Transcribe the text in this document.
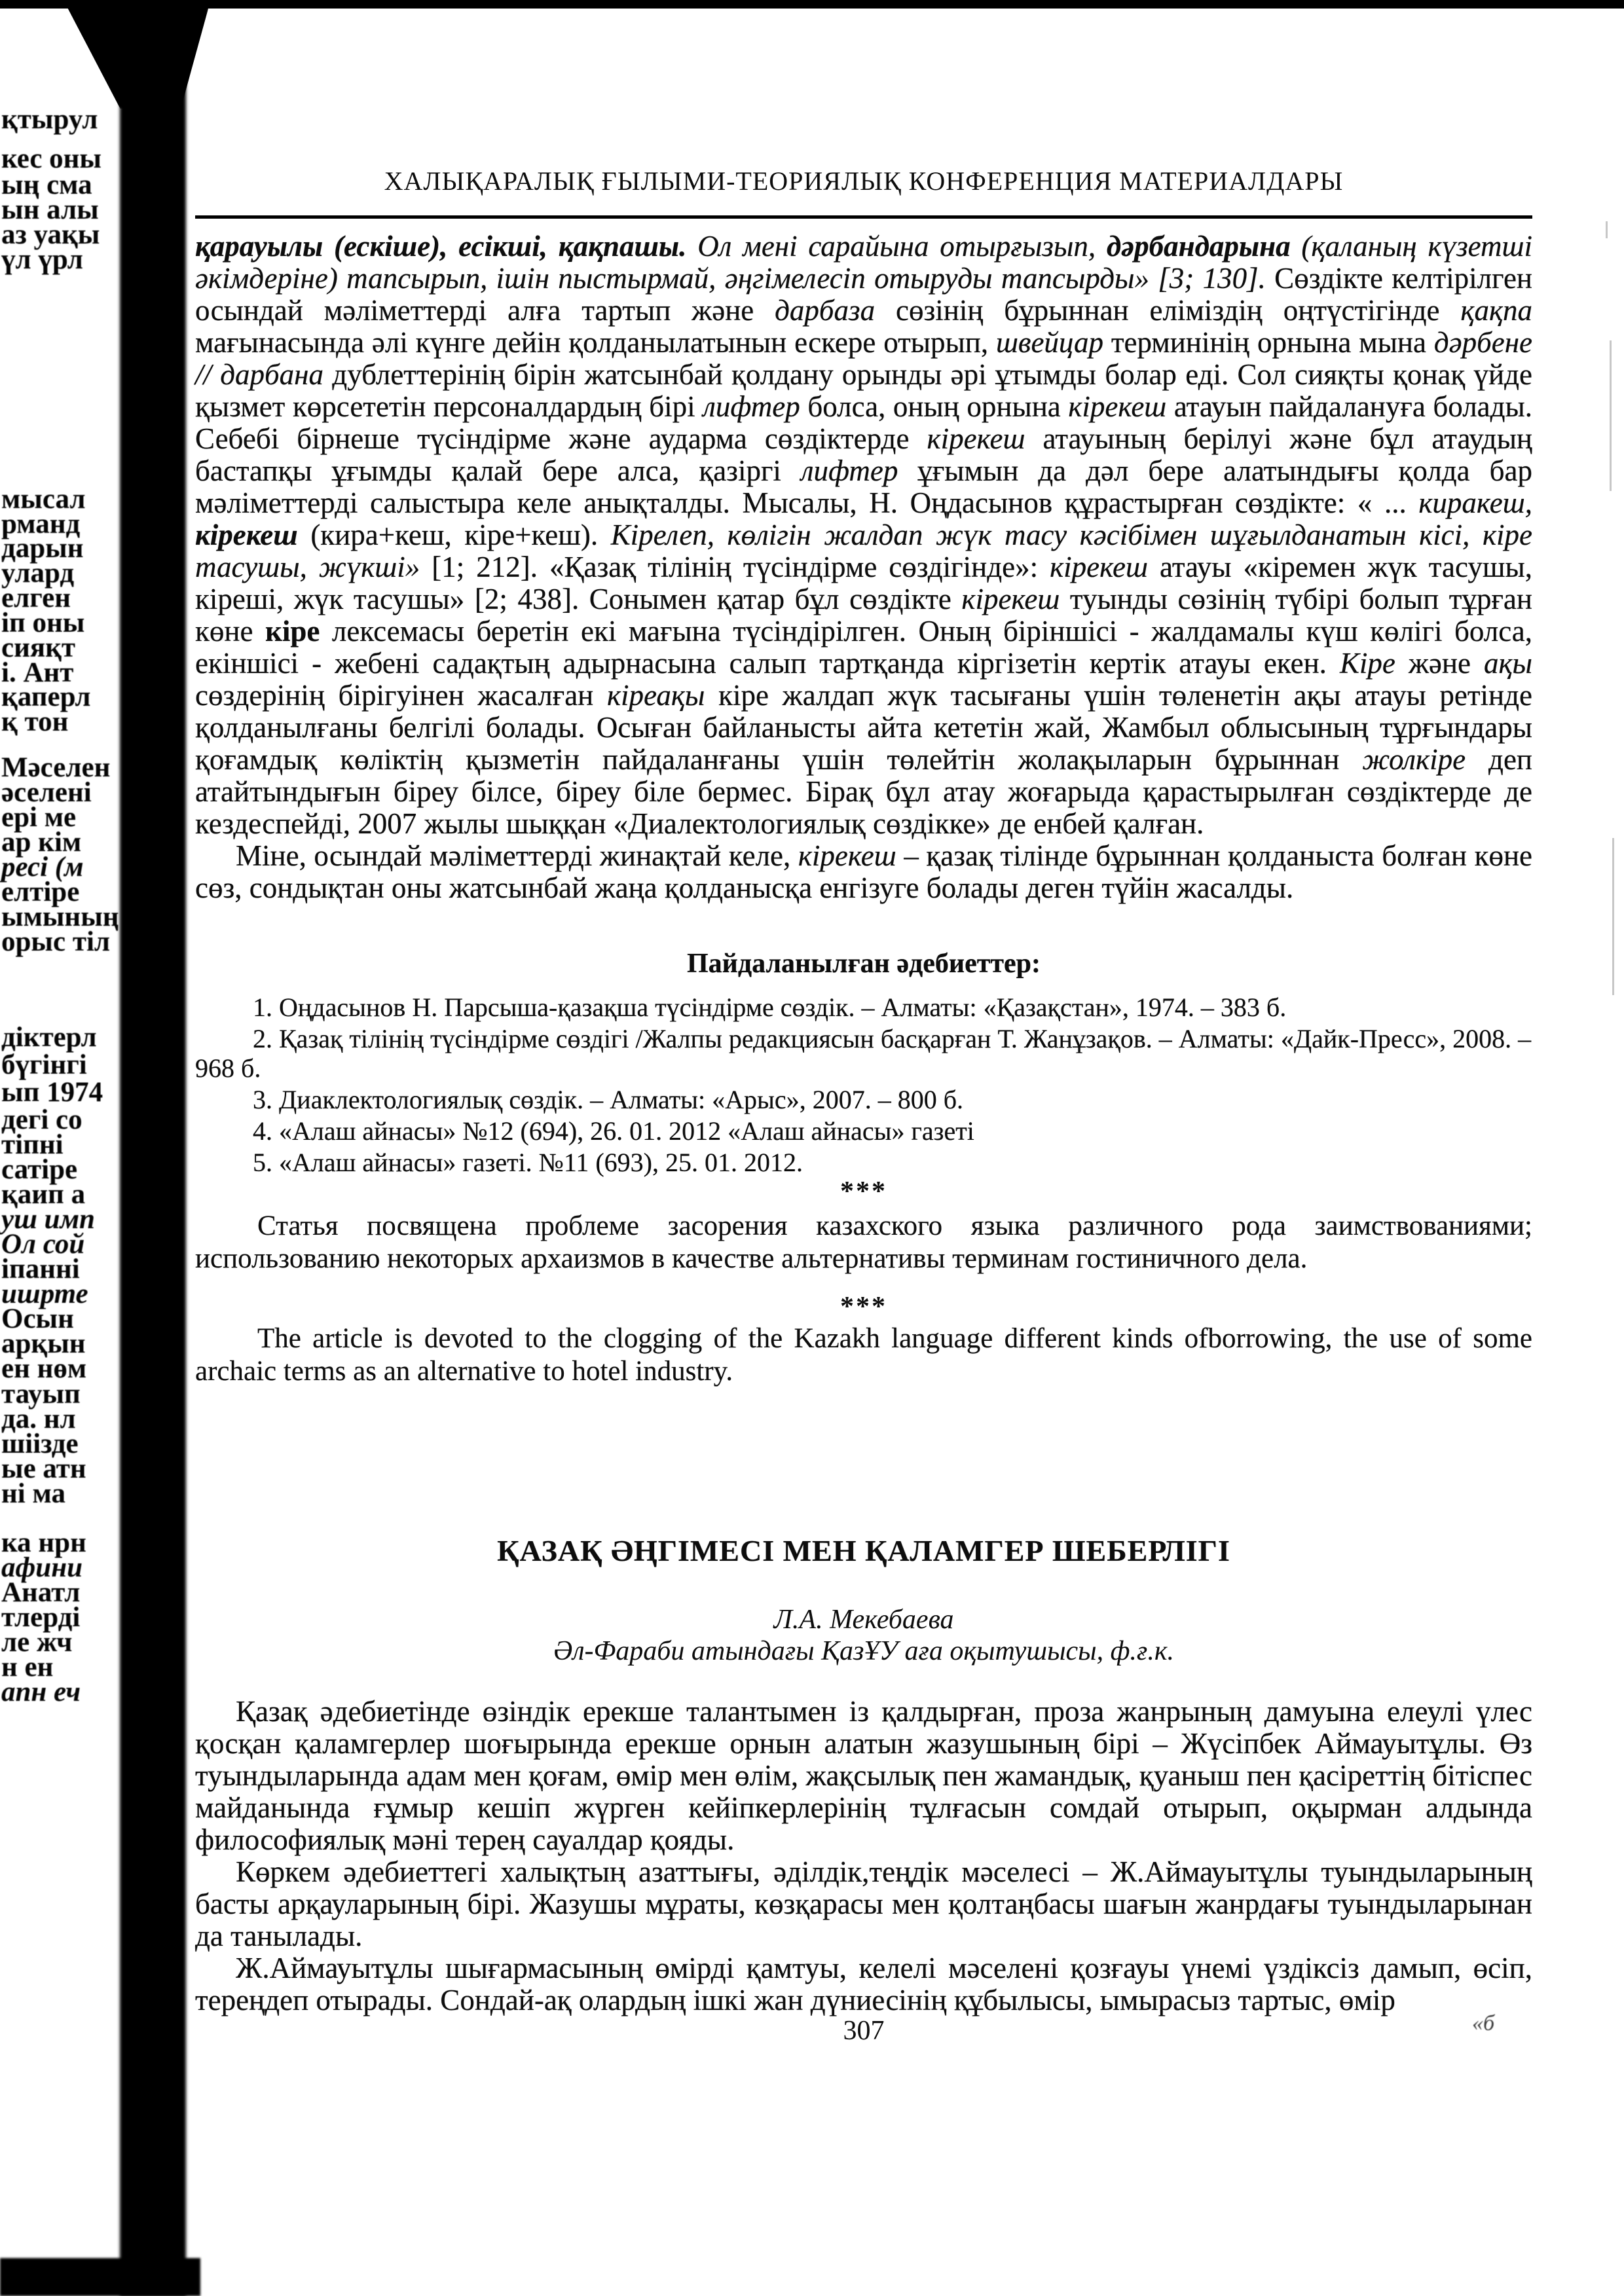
қтырул
кес оны
ың сма
ын алы
аз уақы
үл үрл
мысал
рманд
дарын
улард
елген
іп оны
сияқт
і. Ант
қаперл
қ тон
Мәселен
әселені
ері ме
ар кім
ресі (м
елтіре
ымының
орыс тіл
діктерл
бүгінгі
ып 1974
дегі со
тіпні
сатіре
қаип а
уш имп
Ол сой
іпанні
ишрте
Осын
арқын
ен нөм
тауып
да. нл
шіізде
ые атн
ні ма
ка нрн
афини
Анатл
тлерді
ле жч
н ен
апн еч
«б
ХАЛЫҚАРАЛЫҚ ҒЫЛЫМИ-ТЕОРИЯЛЫҚ КОНФЕРЕНЦИЯ МАТЕРИАЛДАРЫ

қарауылы (ескіше), есікші, қақпашы. Ол мені сарайына отырғызып, дәрбандарына (қаланың күзетші әкімдеріне) тапсырып, ішін пыстырмай, әңгімелесіп отыруды тапсырды» [3; 130]. Сөздікте келтірілген осындай мәліметтерді алға тартып және дарбаза сөзінің бұрыннан еліміздің оңтүстігінде қақпа мағынасында әлі күнге дейін қолданылатынын ескере отырып, швейцар терминінің орнына мына дәрбене // дарбана дублеттерінің бірін жатсынбай қолдану орынды әрі ұтымды болар еді. Сол сияқты қонақ үйде қызмет көрсететін персоналдардың бірі лифтер болса, оның орнына кірекеш атауын пайдалануға болады. Себебі бірнеше түсіндірме және аударма сөздіктерде кірекеш атауының берілуі және бұл атаудың бастапқы ұғымды қалай бере алса, қазіргі лифтер ұғымын да дәл бере алатындығы қолда бар мәліметтерді салыстыра келе анықталды. Мысалы, Н. Оңдасынов құрастырған сөздікте: « ... киракеш, кірекеш (кира+кеш, кіре+кеш). Кірелеп, көлігін жалдап жүк тасу кәсібімен шұғылданатын кісі, кіре тасушы, жүкші» [1; 212]. «Қазақ тілінің түсіндірме сөздігінде»: кірекеш атауы «кіремен жүк тасушы, кіреші, жүк тасушы» [2; 438]. Сонымен қатар бұл сөздікте кірекеш туынды сөзінің түбірі болып тұрған көне кіре лексемасы беретін екі мағына түсіндірілген. Оның біріншісі - жалдамалы күш көлігі болса, екіншісі - жебені садақтың адырнасына салып тартқанда кіргізетін кертік атауы екен. Кіре және ақы сөздерінің бірігуінен жасалған кіреақы кіре жалдап жүк тасығаны үшін төленетін ақы атауы ретінде қолданылғаны белгілі болады. Осыған байланысты айта кететін жай, Жамбыл облысының тұрғындары қоғамдық көліктің қызметін пайдаланғаны үшін төлейтін жолақыларын бұрыннан жолкіре деп атайтындығын біреу білсе, біреу біле бермес. Бірақ бұл атау жоғарыда қарастырылған сөздіктерде де кездеспейді, 2007 жылы шыққан «Диалектологиялық сөздікке» де енбей қалған.

Міне, осындай мәліметтерді жинақтай келе, кірекеш – қазақ тілінде бұрыннан қолданыста болған көне сөз, сондықтан оны жатсынбай жаңа қолданысқа енгізуге болады деген түйін жасалды.

Пайдаланылған әдебиеттер:

1. Оңдасынов Н. Парсыша-қазақша түсіндірме сөздік. – Алматы: «Қазақстан», 1974. – 383 б.

2. Қазақ тілінің түсіндірме сөздігі /Жалпы редакциясын басқарған Т. Жанұзақов. – Алматы: «Дайк-Пресс», 2008. – 968 б.

3. Диаклектологиялық сөздік. – Алматы: «Арыс», 2007. – 800 б.

4. «Алаш айнасы» №12 (694), 26. 01. 2012 «Алаш айнасы» газеті

5. «Алаш айнасы» газеті. №11 (693), 25. 01. 2012.

***

Статья посвящена проблеме засорения казахского языка различного рода заимствованиями; использованию некоторых архаизмов в качестве альтернативы терминам гостиничного дела.

***

The article is devoted to the clogging of the Kazakh language different kinds ofborrowing, the use of some archaic terms as an alternative to hotel industry.

ҚАЗАҚ ӘҢГІМЕСІ МЕН ҚАЛАМГЕР ШЕБЕРЛІГІ

Л.А. Мекебаева

Әл-Фараби атындағы ҚазҰУ аға оқытушысы, ф.ғ.к.

Қазақ әдебиетінде өзіндік ерекше талантымен із қалдырған, проза жанрының дамуына елеулі үлес қосқан қаламгерлер шоғырында ерекше орнын алатын жазушының бірі – Жүсіпбек Аймауытұлы. Өз туындыларында адам мен қоғам, өмір мен өлім, жақсылық пен жамандық, қуаныш пен қасіреттің бітіспес майданында ғұмыр кешіп жүрген кейіпкерлерінің тұлғасын сомдай отырып, оқырман алдында философиялық мәні терең сауалдар қояды.

Көркем әдебиеттегі халықтың азаттығы, әділдік,теңдік мәселесі – Ж.Аймауытұлы туындыларының басты арқауларының бірі. Жазушы мұраты, көзқарасы мен қолтаңбасы шағын жанрдағы туындыларынан да танылады.

Ж.Аймауытұлы шығармасының өмірді қамтуы, келелі мәселені қозғауы үнемі үздіксіз дамып, өсіп, тереңдеп отырады. Сондай-ақ олардың ішкі жан дүниесінің құбылысы, ымырасыз тартыс, өмір

307
